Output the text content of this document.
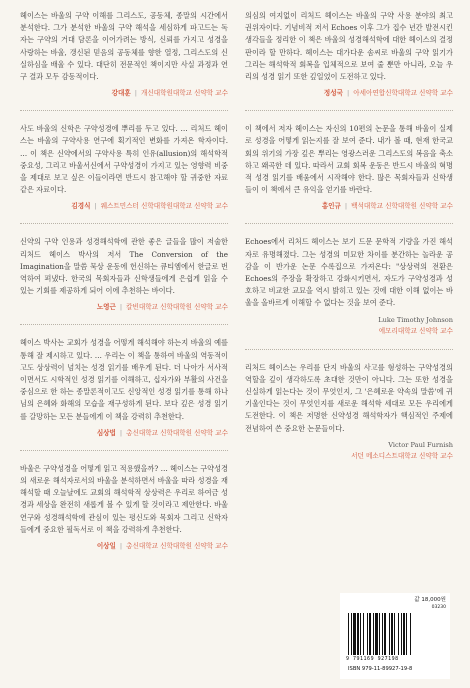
헤이스는 바울의 구약 이해를 그리스도, 공동체, 종말의 시간에서 분석한다. 그가 분석한 바울의 구약 해석을 세심하게 파고드는 독자는 구약의 거대 담론을 이어가려는 방식, 신뢰를 가지고 성경을 사랑하는 바울, 갱신된 믿음의 공동체를 향한 열정, 그리스도의 신실하심을 배울 수 있다. 대단히 전문적인 책이지만 사실 과정과 연구 결과 모두 감동적이다.

강대훈 | 개신대학원대학교 신약학 교수

사도 바울의 신학은 구약성경에 뿌리를 두고 있다. … 리처드 헤이스는 바울의 구약사용 연구에 획기적인 변화를 가져온 학자이다. … 이 책은 신약에서의 구약사용 특히 인유(allusion)의 해석학적 중요성, 그리고 바울서신에서 구약성경이 가지고 있는 영향력 비중을 제대로 보고 싶은 이들이라면 반드시 참고해야 할 귀중한 자료 같은 자료이다.

김경식 | 웨스트민스터 신학대학원대학교 신약학 교수

신약의 구약 인용과 성경해석학에 관한 좋은 글들을 많이 저술한 리처드 헤이스 박사의 저서 The Conversion of the Imagination을 말씀 묵상 운동에 헌신하는 큐티엠에서 한글로 번역하여 펴냈다. 한국의 목회자들과 신학생들에게 은쉽게 읽을 수 있는 기회를 제공하게 되어 이에 추천하는 바이다.

노영근 | 칼빈대학교 신학대학원 신약학 교수

헤이스 박사는 교회가 성경을 어떻게 해석해야 하는지 바울의 예를 통해 잘 제시하고 있다. … 우리는 이 책을 통하여 바울의 역동적이고도 상상력이 넘치는 성경 읽기를 배우게 된다. 더 나아가 서사적이면서도 시학적인 성경 읽기를 이해하고, 십자가와 부활의 사건을 중심으로 한 하는 종말론적이고도 신앙적인 성경 읽기를 통해 하나님의 은혜와 화해의 모습을 재구성하게 된다. 보다 깊은 성경 읽기를 갈망하는 모든 분들에게 이 책을 강력히 추천한다.

심상법 | 총신대학교 신학대학원 신약학 교수

바울은 구약성경을 어떻게 읽고 적용했을까? … 헤이스는 구약성경의 새로운 해석자로서의 바울을 분석하면서 바울을 따라 성경을 재해석할 때 오늘날에도 교회의 해석학적 상상력은 우리로 하여금 성경과 세상을 완전히 새롭게 볼 수 있게 할 것이라고 제안한다. 바울 연구와 성경해석학에 관심이 있는 평신도와 목회자 그리고 신학자들에게 중요한 필독서로 이 책을 강력하게 추천한다.

이상일 | 총신대학교 신학대학원 신약학 교수

의심의 여지없이 리처드 헤이스는 바울의 구약 사용 분야의 최고 권위자이다. 기념비적 저서 Echoes 이후 그가 집수 년간 발전시킨 생각들을 정리한 이 책은 바울의 성경해석학에 대한 헤이스의 결정판이라 할 만하다. 헤이스는 대가다운 솜씨로 바울의 구약 읽기가 그리는 해석학적 회복을 입체적으로 보여 줄 뿐만 아니라, 오늘 우리의 성경 읽기 또한 깊일었이 도전하고 있다.

정성국 | 아세아연합신학대학교 신약학 교수

이 책에서 저자 헤이스는 자신의 10편의 논문을 통해 바울이 실제로 성경을 어떻게 읽는지를 잘 보여 준다. 내가 볼 때, 현재 한국교회의 위기의 가장 깊은 뿌리는 영광스러운 그리스도의 복음을 축소하고 왜곡한 데 있다. 따라서 교회 회복 운동은 반드시 바울의 혁명적 성경 읽기를 배움에서 시작해야 한다. 많은 목회자들과 신학생들이 이 책에서 큰 유익을 얻기를 바란다.

홍인규 | 백석대학교 신학대학원 신약학 교수

Echoes에서 리처드 헤이스는 보기 드문 문학적 기량을 가진 해석자로 유명해졌다. 그는 성경의 미묘한 차이를 분간하는 놀라운 공감을 이 반가운 논문 수록집으로 가져온다: "상상력의 전환은 Echoes의 주장을 확장하고 강화시키면서, 자도가 구약성경과 성호하고 비교한 교묘을 역시 밝히고 있는 것에 대한 이해 없이는 바울을 올바르게 이해할 수 없다는 것을 보여 준다.

Luke Timothy Johnson
에모리대학교 신약학 교수

리처드 헤이스는 우리를 단지 바울의 사고를 형성하는 구약성경의 역할을 깊이 생각하도록 초대한 것만이 아니다. 그는 또한 성경을 신실하게 읽는다는 것이 무엇인지, 그 '은혜로운 약속의 말씀'에 귀 기울인다는 것이 무엇인지를 새로운 해석학 세대로 모든 우리에게 도전한다. 이 책은 저명한 신약성경 해석학자가 핵심적인 주제에 전념하여 쓴 중요한 논문들이다.

Victor Paul Furnish
서던 메소디스트대학교 신약학 교수
값 18,000원
03230
9 791169 927198
ISBN 979-11-89927-19-8
